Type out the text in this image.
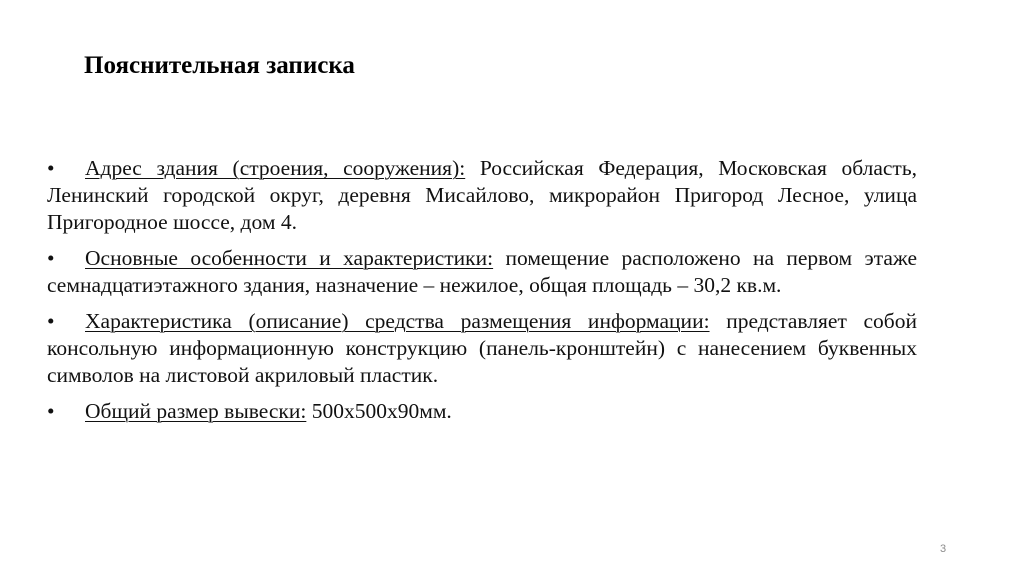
Пояснительная записка
• Адрес здания (строения, сооружения): Российская Федерация, Московская область, Ленинский городской округ, деревня Мисайлово, микрорайон Пригород Лесное, улица Пригородное шоссе, дом 4.
• Основные особенности и характеристики: помещение расположено на первом этаже семнадцатиэтажного здания, назначение – нежилое, общая площадь – 30,2 кв.м.
• Характеристика (описание) средства размещения информации: представляет собой консольную информационную конструкцию (панель-кронштейн) с нанесением буквенных символов на листовой акриловый пластик.
• Общий размер вывески: 500x500x90мм.
3
